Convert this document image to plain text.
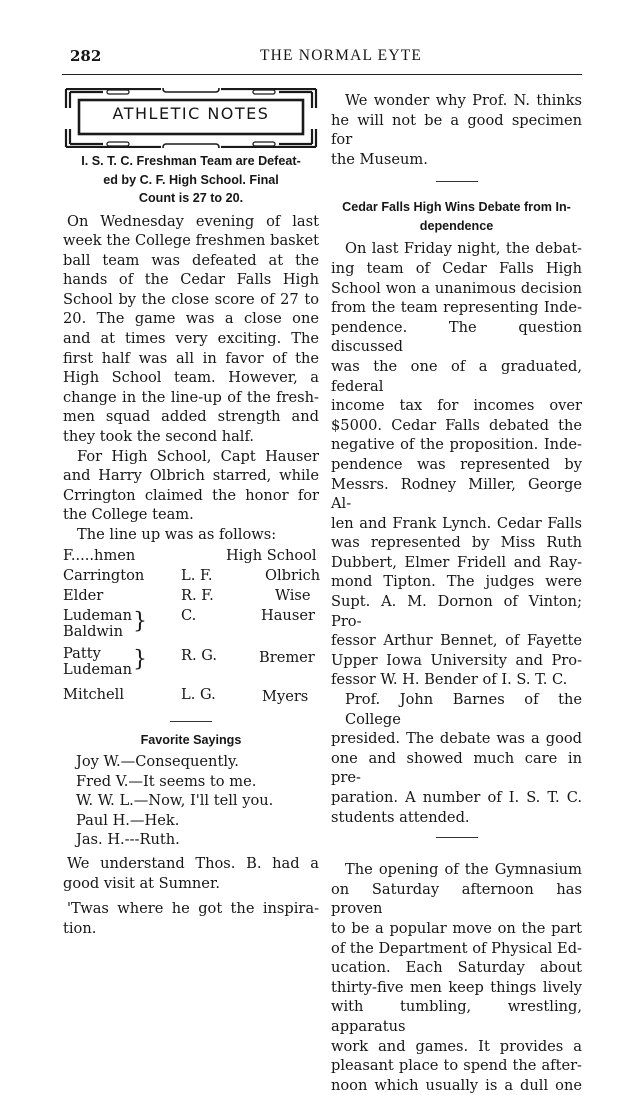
282	THE NORMAL EYTE
ATHLETIC NOTES
I. S. T. C. Freshman Team are Defeat-
ed by C. F. High School. Final
Count is 27 to 20.

On Wednesday evening of last

week the College freshmen basket

ball team was defeated at the

hands of the Cedar Falls High

School by the close score of 27 to

20. The game was a close one

and at times very exciting. The

first half was all in favor of the

High School team. However, a

change in the line-up of the fresh-

men squad added strength and

they took the second half.

For High School, Capt Hauser

and Harry Olbrich starred, while

Crrington claimed the honor for

the College team.

The line up was as follows:

F.....hmen	High School
Carrington	L. F.	Olbrich
Elder	R. F.	Wise
Ludeman
Baldwin } C.	Hauser
Patty
Ludeman } R. G.	Bremer
Mitchell	L. G.	Myers
Favorite Sayings

Joy W.—Consequently.

Fred V.—It seems to me.

W. W. L.—Now, I'll tell you.

Paul H.—Hek.

Jas. H.---Ruth.

We understand Thos. B. had a

good visit at Sumner.

'Twas where he got the inspira-

tion.

We wonder why Prof. N. thinks

he will not be a good specimen for

the Museum.

Cedar Falls High Wins Debate from In-
dependence

On last Friday night, the debat-

ing team of Cedar Falls High

School won a unanimous decision

from the team representing Inde-

pendence. The question discussed

was the one of a graduated, federal

income tax for incomes over

$5000. Cedar Falls debated the

negative of the proposition. Inde-

pendence was represented by

Messrs. Rodney Miller, George Al-

len and Frank Lynch. Cedar Falls

was represented by Miss Ruth

Dubbert, Elmer Fridell and Ray-

mond Tipton. The judges were

Supt. A. M. Dornon of Vinton; Pro-

fessor Arthur Bennet, of Fayette

Upper Iowa University and Pro-

fessor W. H. Bender of I. S. T. C.

Prof. John Barnes of the College

presided. The debate was a good

one and showed much care in pre-

paration. A number of I. S. T. C.

students attended.

The opening of the Gymnasium

on Saturday afternoon has proven

to be a popular move on the part

of the Department of Physical Ed-

ucation. Each Saturday about

thirty-five men keep things lively

with tumbling, wrestling, apparatus

work and games. It provides a

pleasant place to spend the after-

noon which usually is a dull one
